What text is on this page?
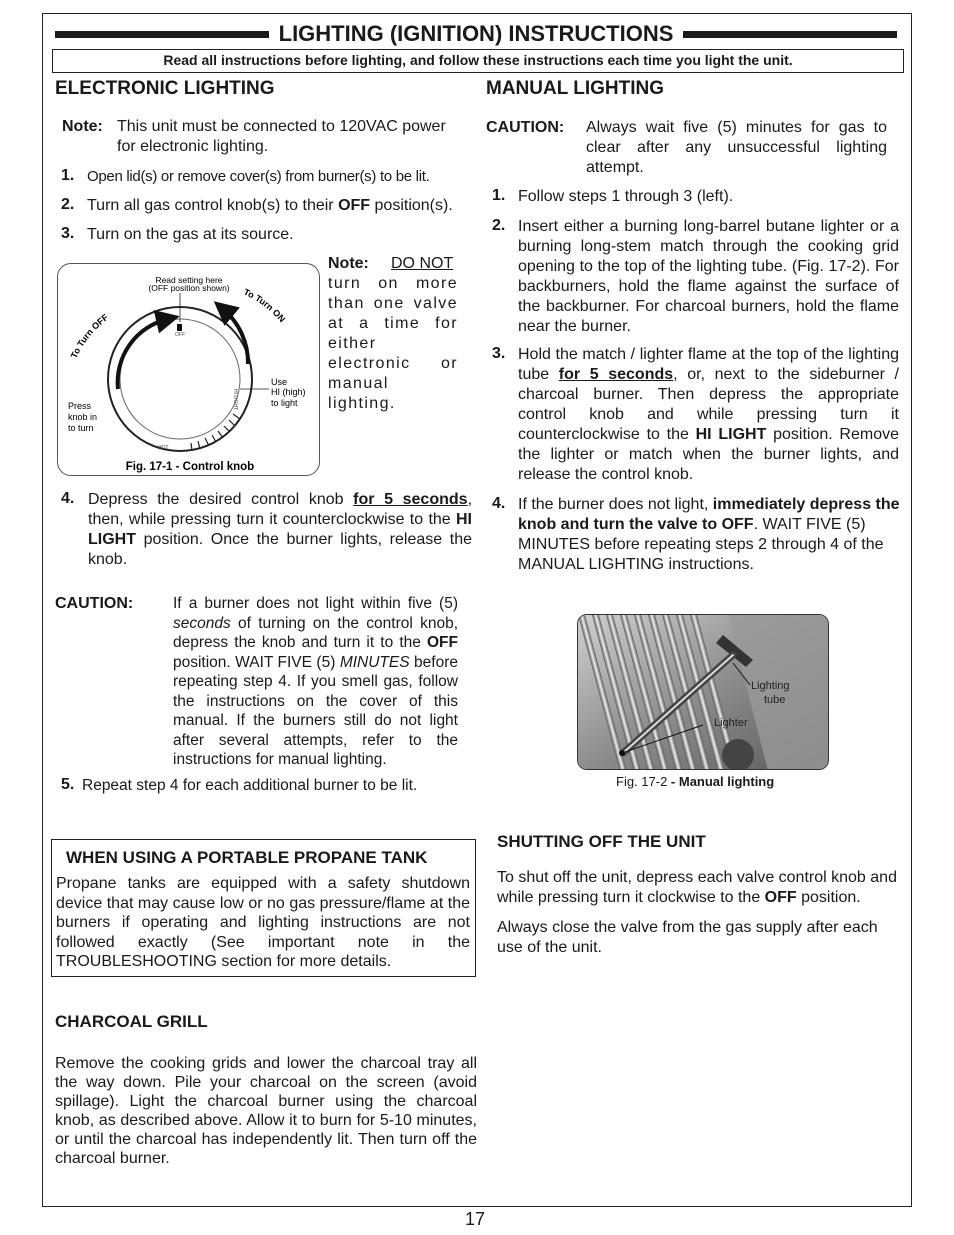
LIGHTING (IGNITION) INSTRUCTIONS
Read all instructions before lighting, and follow these instructions each time you light the unit.
ELECTRONIC LIGHTING
Note: This unit must be connected to 120VAC power for electronic lighting.
1. Open lid(s) or remove cover(s) from burner(s) to be lit.
2. Turn all gas control knob(s) to their OFF position(s).
3. Turn on the gas at its source.
OFF
HI LIGHT
HOT
To Turn OFF
To Turn ON
Read setting here
(OFF position shown)
Use
HI (high)
to light
Press
knob in
to turn
Fig. 17-1 - Control knob
Note: DO NOT
turn on more than one valve at a time for either electronic or manual lighting.
4. Depress the desired control knob for 5 seconds, then, while pressing turn it counterclockwise to the HI LIGHT position. Once the burner lights, release the knob.
CAUTION:	If a burner does not light within five (5) seconds of turning on the control knob, depress the knob and turn it to the OFF position. WAIT FIVE (5) MINUTES before repeating step 4. If you smell gas, follow the instructions on the cover of this manual. If the burners still do not light after several attempts, refer to the instructions for manual lighting.
5. Repeat step 4 for each additional burner to be lit.
MANUAL LIGHTING
CAUTION: Always wait five (5) minutes for gas to clear after any unsuccessful lighting attempt.
1. Follow steps 1 through 3 (left).
2. Insert either a burning long-barrel butane lighter or a burning long-stem match through the cooking grid opening to the top of the lighting tube. (Fig. 17-2). For backburners, hold the flame against the surface of the backburner. For charcoal burners, hold the flame near the burner.
3. Hold the match / lighter flame at the top of the lighting tube for 5 seconds, or, next to the sideburner / charcoal burner. Then depress the appropriate control knob and while pressing turn it counterclockwise to the HI LIGHT position. Remove the lighter or match when the burner lights, and release the control knob.
4. If the burner does not light, immediately depress the knob and turn the valve to OFF. WAIT FIVE (5) MINUTES before repeating steps 2 through 4 of the MANUAL LIGHTING instructions.
Lighting
tube
Lighter
Fig. 17-2 - Manual lighting
WHEN USING A PORTABLE PROPANE TANK
Propane tanks are equipped with a safety shutdown device that may cause low or no gas pressure/flame at the burners if operating and lighting instructions are not followed exactly (See important note in the TROUBLESHOOTING section for more details.
CHARCOAL GRILL
Remove the cooking grids and lower the charcoal tray all the way down. Pile your charcoal on the screen (avoid spillage). Light the charcoal burner using the charcoal knob, as described above. Allow it to burn for 5-10 minutes, or until the charcoal has independently lit. Then turn off the charcoal burner.
SHUTTING OFF THE UNIT
To shut off the unit, depress each valve control knob and while pressing turn it clockwise to the OFF position.
Always close the valve from the gas supply after each use of the unit.
17
